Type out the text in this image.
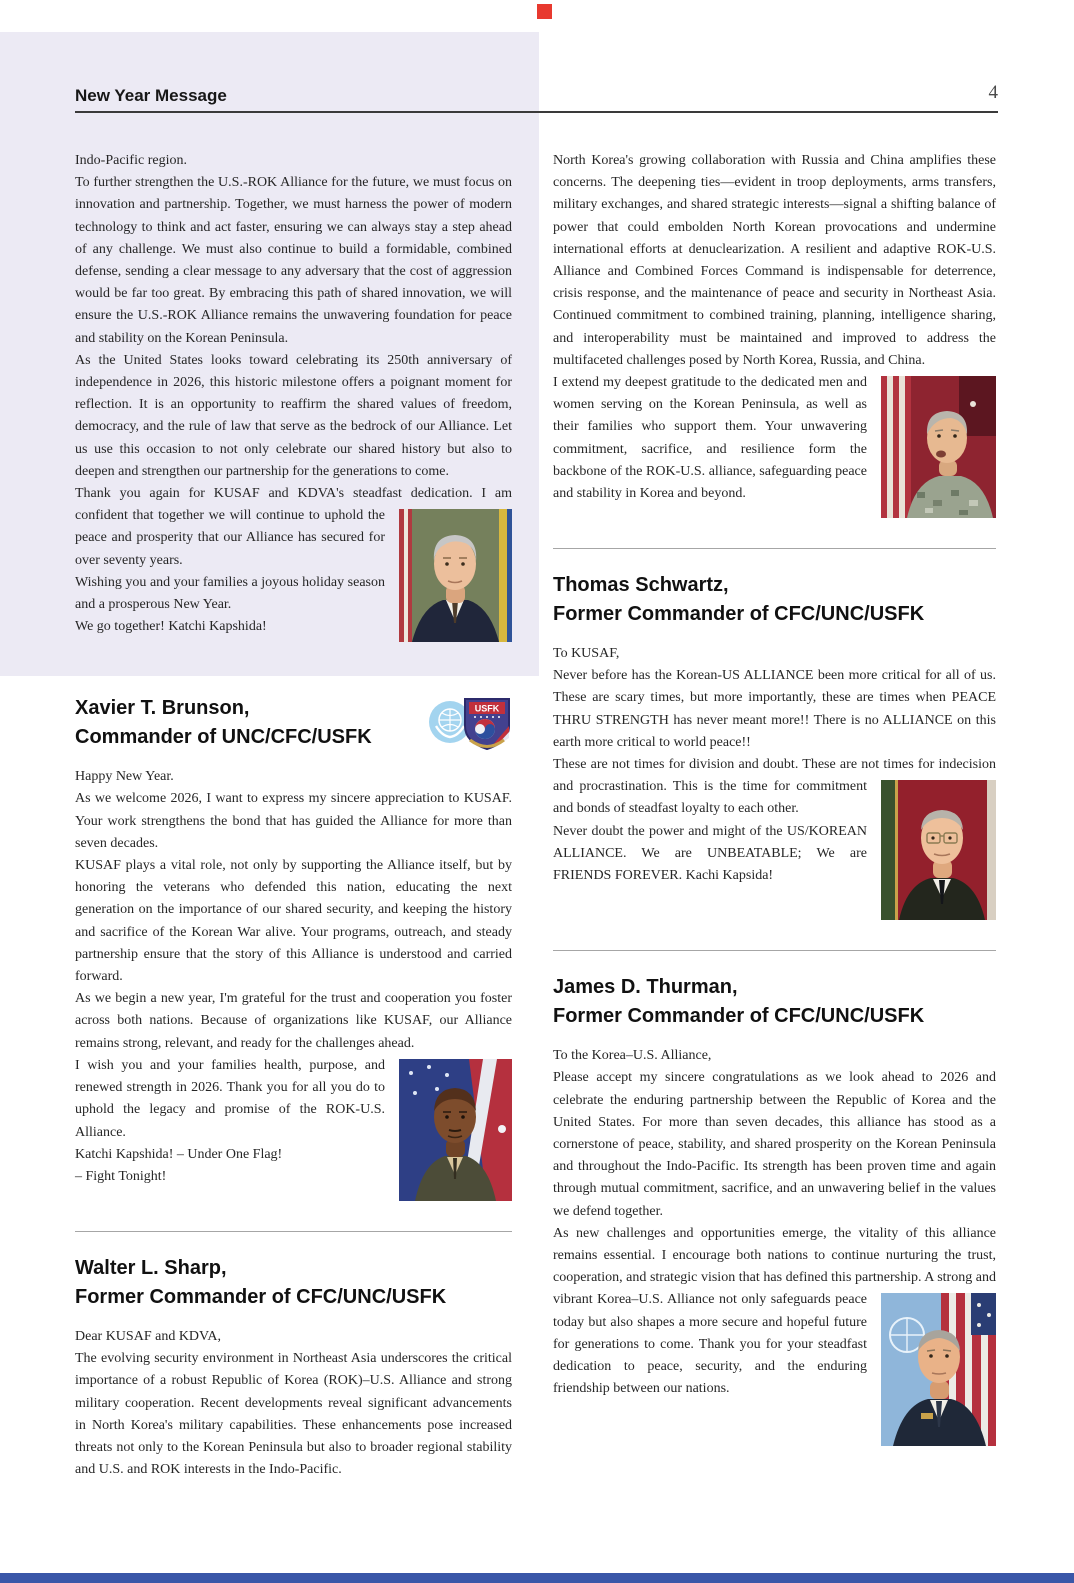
New Year Message	4

Indo-Pacific region.

To further strengthen the U.S.-ROK Alliance for the future, we must focus on innovation and partnership. Together, we must harness the power of modern technology to think and act faster, ensuring we can always stay a step ahead of any challenge. We must also continue to build a formidable, combined defense, sending a clear message to any adversary that the cost of aggression would be far too great. By embracing this path of shared innovation, we will ensure the U.S.-ROK Alliance remains the unwavering foundation for peace and stability on the Korean Peninsula.

As the United States looks toward celebrating its 250th anniversary of independence in 2026, this historic milestone offers a poignant moment for reflection. It is an opportunity to reaffirm the shared values of freedom, democracy, and the rule of law that serve as the bedrock of our Alliance. Let us use this occasion to not only celebrate our shared history but also to deepen and strengthen our partnership for the generations to come.

Thank you again for KUSAF and KDVA's steadfast dedication. I am
confident that together we will continue to uphold the peace and prosperity that our Alliance has secured for over seventy years.

Wishing you and your families a joyous holiday season and a prosperous New Year.

We go together! Katchi Kapshida!

USFK
Xavier T. Brunson,
Commander of UNC/CFC/USFK

Happy New Year.

As we welcome 2026, I want to express my sincere appreciation to KUSAF. Your work strengthens the bond that has guided the Alliance for more than seven decades.

KUSAF plays a vital role, not only by supporting the Alliance itself, but by honoring the veterans who defended this nation, educating the next generation on the importance of our shared security, and keeping the history and sacrifice of the Korean War alive. Your programs, outreach, and steady partnership ensure that the story of this Alliance is understood and carried forward.

As we begin a new year, I'm grateful for the trust and cooperation you foster across both nations. Because of organizations like KUSAF, our Alliance remains strong, relevant, and ready for the challenges ahead.

I wish you and your families health, purpose, and renewed strength in 2026. Thank you for all you do to uphold the legacy and promise of the ROK-U.S. Alliance.

Katchi Kapshida! – Under One Flag!

– Fight Tonight!

Walter L. Sharp,
Former Commander of CFC/UNC/USFK

Dear KUSAF and KDVA,

The evolving security environment in Northeast Asia underscores the critical importance of a robust Republic of Korea (ROK)–U.S. Alliance and strong military cooperation. Recent developments reveal significant advancements in North Korea's military capabilities. These enhancements pose increased threats not only to the Korean Peninsula but also to broader regional stability and U.S. and ROK interests in the Indo-Pacific.

North Korea's growing collaboration with Russia and China amplifies these concerns. The deepening ties—evident in troop deployments, arms transfers, military exchanges, and shared strategic interests—signal a shifting balance of power that could embolden North Korean provocations and undermine international efforts at denuclearization. A resilient and adaptive ROK-U.S. Alliance and Combined Forces Command is indispensable for deterrence, crisis response, and the maintenance of peace and security in Northeast Asia. Continued commitment to combined training, planning, intelligence sharing, and interoperability must be maintained and improved to address the multifaceted challenges posed by North Korea, Russia, and China.

I extend my deepest gratitude to the dedicated men and women serving on the Korean Peninsula, as well as their families who support them. Your unwavering commitment, sacrifice, and resilience form the backbone of the ROK-U.S. alliance, safeguarding peace and stability in Korea and beyond.

Thomas Schwartz,
Former Commander of CFC/UNC/USFK

To KUSAF,

Never before has the Korean-US ALLIANCE been more critical for all of us. These are scary times, but more importantly, these are times when PEACE THRU STRENGTH has never meant more!! There is no ALLIANCE on this earth more critical to world peace!!

These are not times for division and doubt. These are not times for
indecision and procrastination. This is the time for commitment and bonds of steadfast loyalty to each other.

Never doubt the power and might of the US/KOREAN ALLIANCE. We are UNBEATABLE; We are FRIENDS FOREVER. Kachi Kapsida!

James D. Thurman,
Former Commander of CFC/UNC/USFK

To the Korea–U.S. Alliance,

Please accept my sincere congratulations as we look ahead to 2026 and celebrate the enduring partnership between the Republic of Korea and the United States. For more than seven decades, this alliance has stood as a cornerstone of peace, stability, and shared prosperity on the Korean Peninsula and throughout the Indo-Pacific. Its strength has been proven time and again through mutual commitment, sacrifice, and an unwavering belief in the values we defend together.

As new challenges and opportunities emerge, the vitality of this alliance remains essential. I encourage both nations to continue nurturing the trust, cooperation, and strategic vision that has defined this partnership. A strong
and vibrant Korea–U.S. Alliance not only safeguards peace today but also shapes a more secure and hopeful future for generations to come. Thank you for your steadfast dedication to peace, security, and the enduring friendship between our nations.
